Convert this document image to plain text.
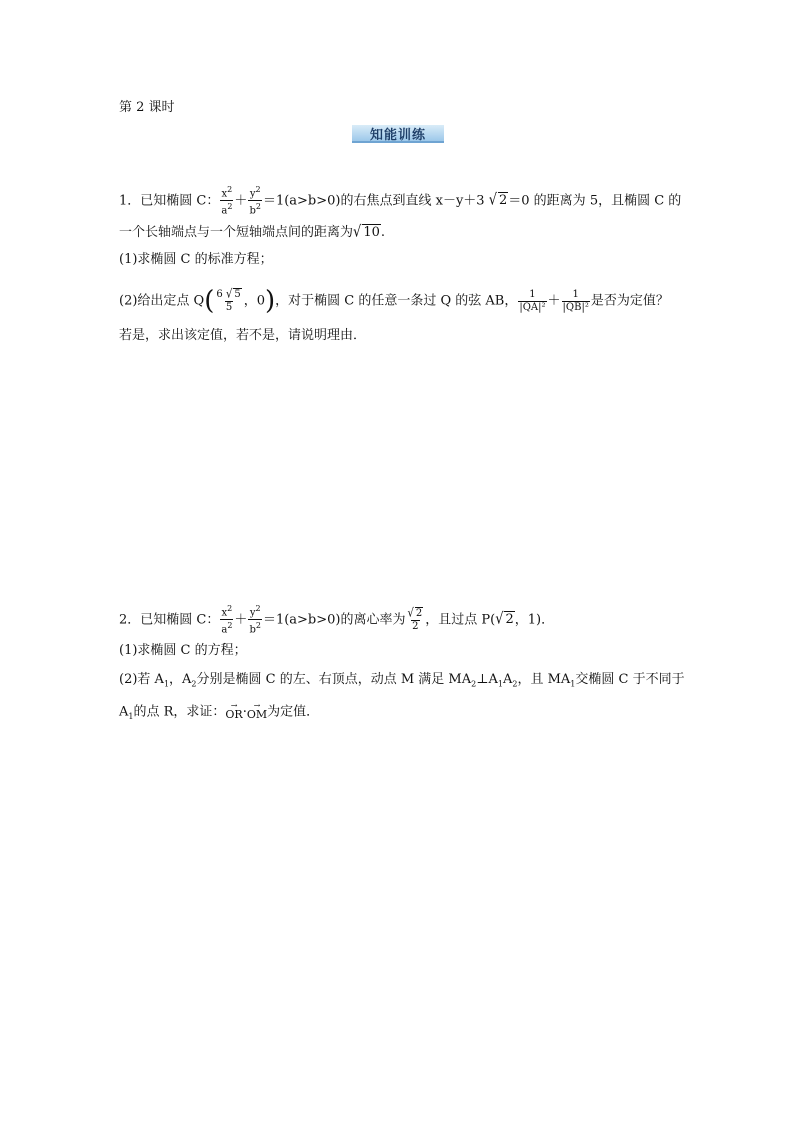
第 2 课时
知能训练
1．已知椭圆 C： $\frac{x^2}{a^2} + \frac{y^2}{b^2} =1(a>b>0)$的右焦点到直线 x－y＋3 √ 2＝0 的距离为 5，且椭圆 C 的
一个长轴端点与一个短轴端点间的距离为√ 10.
(1)求椭圆 C 的标准方程；
(2)给出定点 $Q( \frac{6 √ 5}{5}$ ，0)，对于椭圆 C 的任意一条过 Q 的弦 AB， $\frac{1}{\text{|QA|²}} + \frac{1}{\text{|QB|²}}$ 是否为定值？
若是，求出该定值，若不是，请说明理由．
2．已知椭圆 C： $\frac{x^2}{a^2} + \frac{y^2}{b^2} =1(a>b>0)$的离心率为 $\frac{√ 2}{2}$ ，且过点 P(√ 2，1)．
(1)求椭圆 C 的方程；
(2)若 $A_1$，$A_2$分别是椭圆 C 的左、右顶点，动点 M 满足 $MA_2\perp A_1A_2$，且 $MA_1$交椭圆 C 于不同于
$A_1$的点 R，求证： →
OR · →
OM 为定值．
